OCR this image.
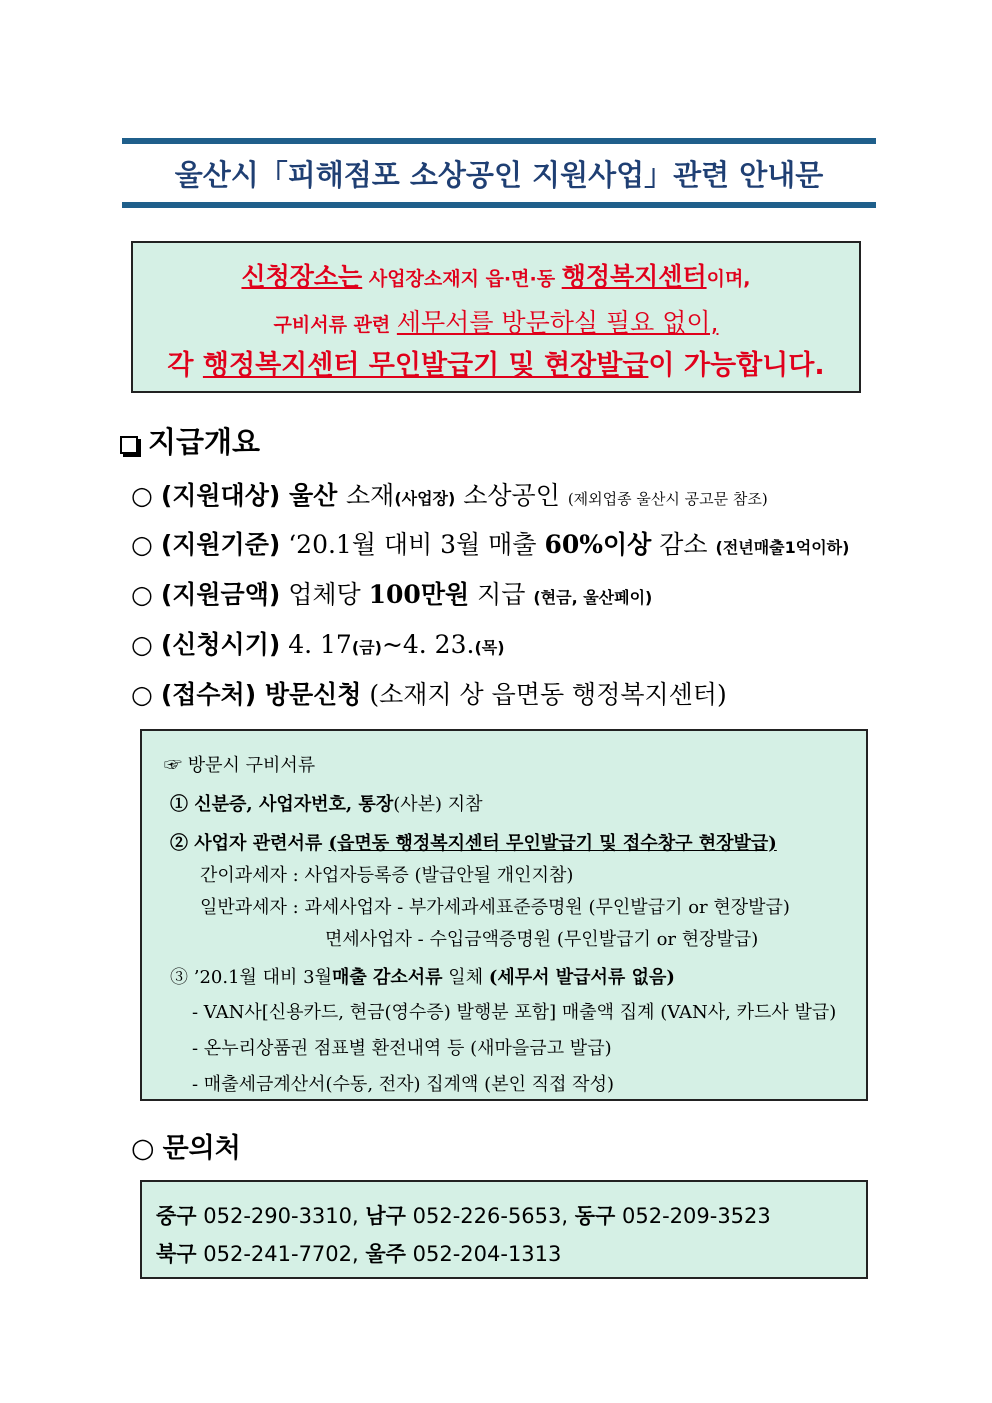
울산시「피해점포 소상공인 지원사업」관련 안내문
신청장소는 사업장소재지 읍·면·동 행정복지센터이며,
구비서류 관련 세무서를 방문하실 필요 없이,
각 행정복지센터 무인발급기 및 현장발급이 가능합니다.
지급개요
○ (지원대상) 울산 소재(사업장) 소상공인 (제외업종 울산시 공고문 참조)
○ (지원기준) ‘20.1월 대비 3월 매출 60%이상 감소 (전년매출1억이하)
○ (지원금액) 업체당 100만원 지급 (현금, 울산페이)
○ (신청시기) 4. 17(금)~4. 23.(목)
○ (접수처) 방문신청 (소재지 상 읍면동 행정복지센터)
☞ 방문시 구비서류
① 신분증, 사업자번호, 통장(사본) 지참
② 사업자 관련서류 (읍면동 행정복지센터 무인발급기 및 접수창구 현장발급)
간이과세자 : 사업자등록증 (발급안될 개인지참)
일반과세자 : 과세사업자 - 부가세과세표준증명원 (무인발급기 or 현장발급)
면세사업자 - 수입금액증명원 (무인발급기 or 현장발급)
③ ’20.1월 대비 3월매출 감소서류 일체 (세무서 발급서류 없음)
- VAN사[신용카드, 현금(영수증) 발행분 포함] 매출액 집계 (VAN사, 카드사 발급)
- 온누리상품권 점표별 환전내역 등 (새마을금고 발급)
- 매출세금계산서(수동, 전자) 집계액 (본인 직접 작성)
○ 문의처
중구 052-290-3310, 남구 052-226-5653, 동구 052-209-3523
북구 052-241-7702, 울주 052-204-1313
